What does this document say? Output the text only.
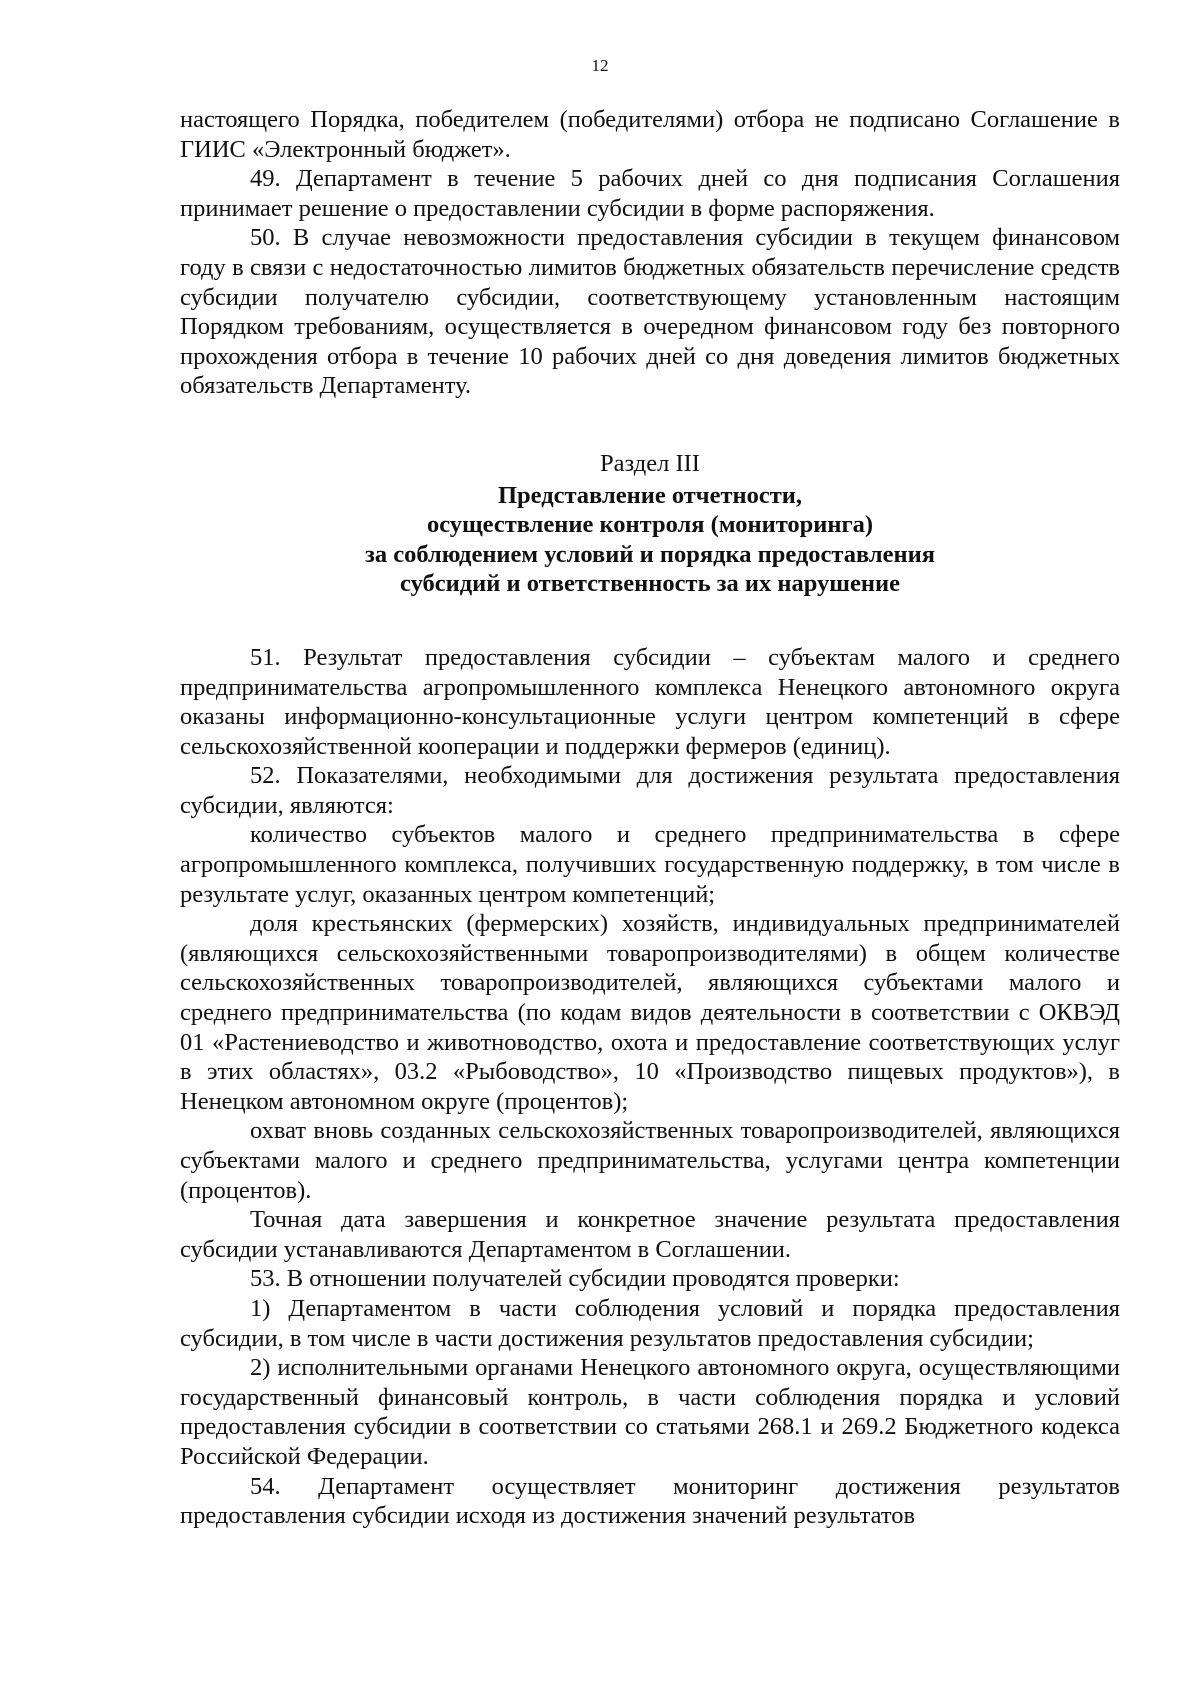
12

настоящего Порядка, победителем (победителями) отбора не подписано Соглашение в ГИИС «Электронный бюджет».

49. Департамент в течение 5 рабочих дней со дня подписания Соглашения принимает решение о предоставлении субсидии в форме распоряжения.

50. В случае невозможности предоставления субсидии в текущем финансовом году в связи с недостаточностью лимитов бюджетных обязательств перечисление средств субсидии получателю субсидии, соответствующему установленным настоящим Порядком требованиям, осуществляется в очередном финансовом году без повторного прохождения отбора в течение 10 рабочих дней со дня доведения лимитов бюджетных обязательств Департаменту.

Раздел III
Представление отчетности,
осуществление контроля (мониторинга)
за соблюдением условий и порядка предоставления
субсидий и ответственность за их нарушение

51. Результат предоставления субсидии – субъектам малого и среднего предпринимательства агропромышленного комплекса Ненецкого автономного округа оказаны информационно-консультационные услуги центром компетенций в сфере сельскохозяйственной кооперации и поддержки фермеров (единиц).

52. Показателями, необходимыми для достижения результата предоставления субсидии, являются:

количество субъектов малого и среднего предпринимательства в сфере агропромышленного комплекса, получивших государственную поддержку, в том числе в результате услуг, оказанных центром компетенций;

доля крестьянских (фермерских) хозяйств, индивидуальных предпринимателей (являющихся сельскохозяйственными товаропроизводителями) в общем количестве сельскохозяйственных товаропроизводителей, являющихся субъектами малого и среднего предпринимательства (по кодам видов деятельности в соответствии с ОКВЭД 01 «Растениеводство и животноводство, охота и предоставление соответствующих услуг в этих областях», 03.2 «Рыбоводство», 10 «Производство пищевых продуктов»), в Ненецком автономном округе (процентов);

охват вновь созданных сельскохозяйственных товаропроизводителей, являющихся субъектами малого и среднего предпринимательства, услугами центра компетенции (процентов).

Точная дата завершения и конкретное значение результата предоставления субсидии устанавливаются Департаментом в Соглашении.

53. В отношении получателей субсидии проводятся проверки:

1) Департаментом в части соблюдения условий и порядка предоставления субсидии, в том числе в части достижения результатов предоставления субсидии;

2) исполнительными органами Ненецкого автономного округа, осуществляющими государственный финансовый контроль, в части соблюдения порядка и условий предоставления субсидии в соответствии со статьями 268.1 и 269.2 Бюджетного кодекса Российской Федерации.

54. Департамент осуществляет мониторинг достижения результатов предоставления субсидии исходя из достижения значений результатов
